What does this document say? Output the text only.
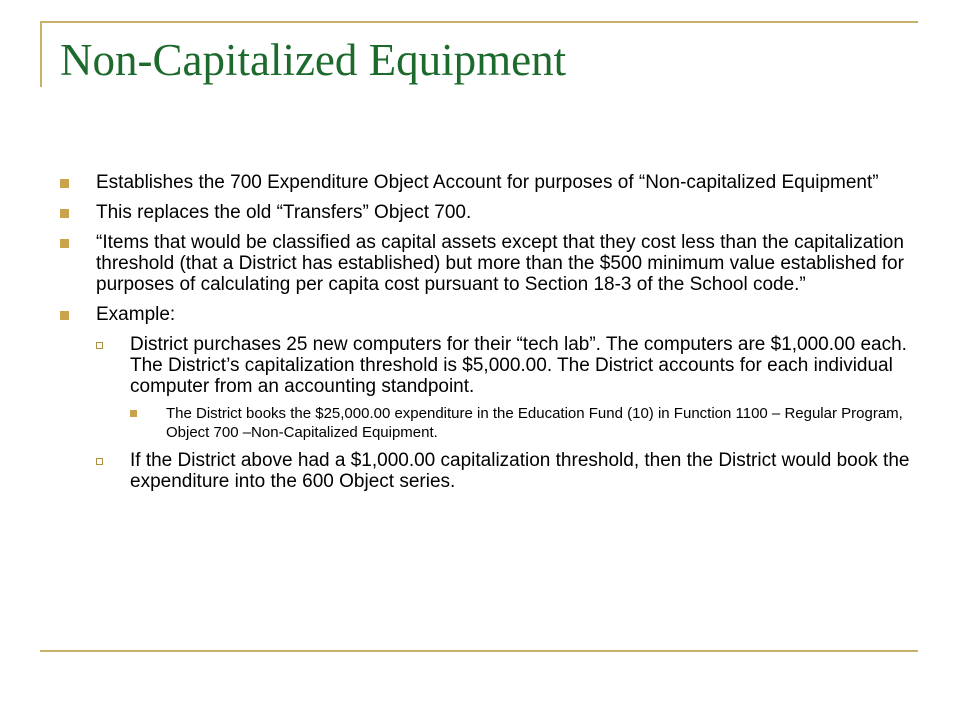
Non-Capitalized Equipment
Establishes the 700 Expenditure Object Account for purposes of “Non-capitalized Equipment”
This replaces the old “Transfers” Object 700.
“Items that would be classified as capital assets except that they cost less than the capitalization threshold (that a District has established) but more than the $500 minimum value established for purposes of calculating per capita cost pursuant to Section 18-3 of the School code.”
Example:
District purchases 25 new computers for their “tech lab”. The computers are $1,000.00 each. The District’s capitalization threshold is $5,000.00. The District accounts for each individual computer from an accounting standpoint.
The District books the $25,000.00 expenditure in the Education Fund (10) in Function 1100 – Regular Program, Object 700 –Non-Capitalized Equipment.
If the District above had a $1,000.00 capitalization threshold, then the District would book the expenditure into the 600 Object series.
